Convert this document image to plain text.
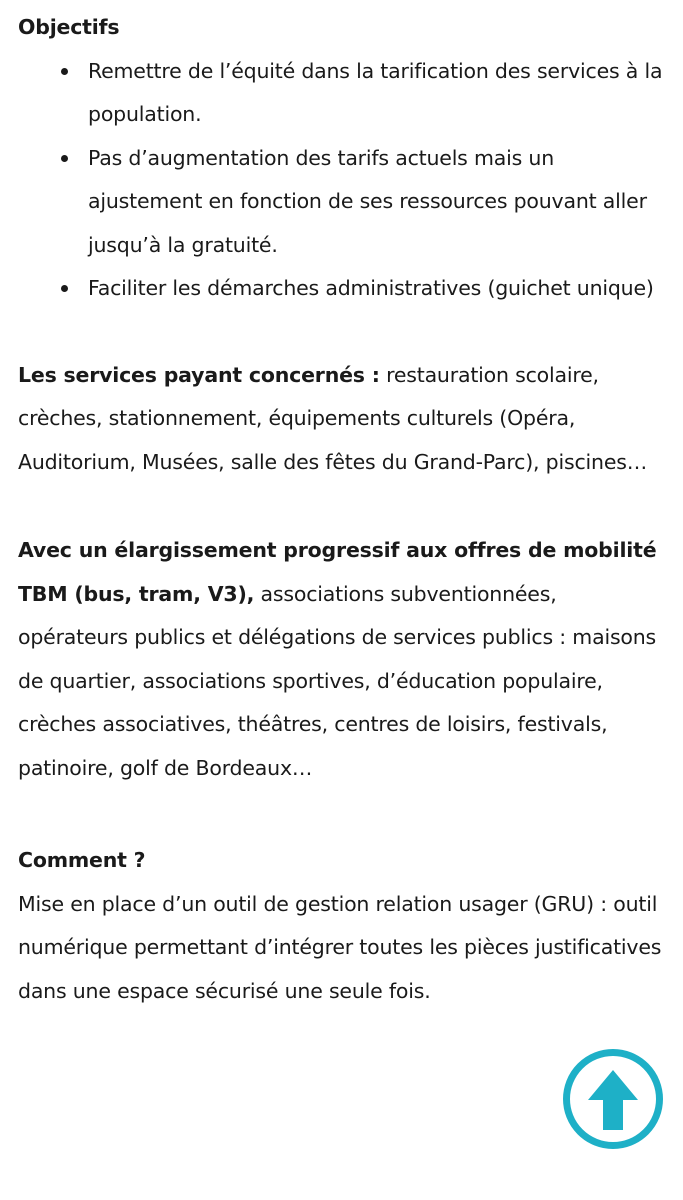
Objectifs
Remettre de l’équité dans la tarification des services à la population.
Pas d’augmentation des tarifs actuels mais un ajustement en fonction de ses ressources pouvant aller jusqu’à la gratuité.
Faciliter les démarches administratives (guichet unique)

Les services payant concernés : restauration scolaire, crèches, stationnement, équipements culturels (Opéra, Auditorium, Musées, salle des fêtes du Grand-Parc), piscines…

Avec un élargissement progressif aux offres de mobilité TBM (bus, tram, V3), associations subventionnées, opérateurs publics et délégations de services publics : maisons de quartier, associations sportives, d’éducation populaire, crèches associatives, théâtres, centres de loisirs, festivals, patinoire, golf de Bordeaux…

Comment ?

Mise en place d’un outil de gestion relation usager (GRU) : outil numérique permettant d’intégrer toutes les pièces justificatives dans une espace sécurisé une seule fois.
